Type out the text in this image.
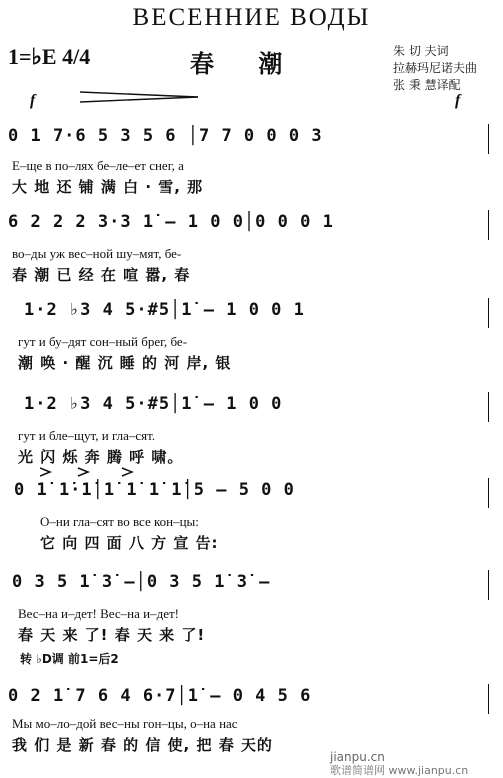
ВЕСЕННИЕ ВОДЫ
1=♭E 4/4	春 潮	朱 切 夫词
拉赫玛尼诺夫曲
张 秉 慧译配
f	f
0 1 7·6 5 3 5 6 │7 7 0 0 0 3
Е–ще в по–лях бе–ле–ет снег, а
大 地 还 铺 满 白 · 雪, 那
6 2 2 2 3·3 1̇ — 1 0 0│0 0 0 1
во–ды уж вес–ной шу–мят, бе-
春 潮 已 经 在 喧 嚣, 春
1·2 ♭3 4 5·#5│1̇ — 1 0 0 1
гут и бу–дят сон–ный брег, бе-
潮 唤 · 醒 沉 睡 的 河 岸, 银
1·2 ♭3 4 5·#5│1̇ — 1 0 0
гут и бле–щут, и гла–сят.
光 闪 烁 奔 腾 呼 啸。
0 1̇ 1̇·1̇│1̇ 1̇ 1̇ 1̇│5 — 5 0 0
О–ни гла–сят во все кон–цы:
它 向 四 面 八 方 宣 告:
0 3 5 1̇ 3̇ —│0 3 5 1̇ 3̇ —
Вес–на и–дет! Вес–на и–дет!
春 天 来 了! 春 天 来 了!
转 ♭D调 前1=后2
0 2 1̇ 7 6 4 6·7│1̇ — 0 4 5 6
Мы мо–ло–дой вес–ны гон–цы, о–на нас
我 们 是 新 春 的 信 使, 把 春 天的
jianpu.cn
歌谱简谱网 www.jianpu.cn
